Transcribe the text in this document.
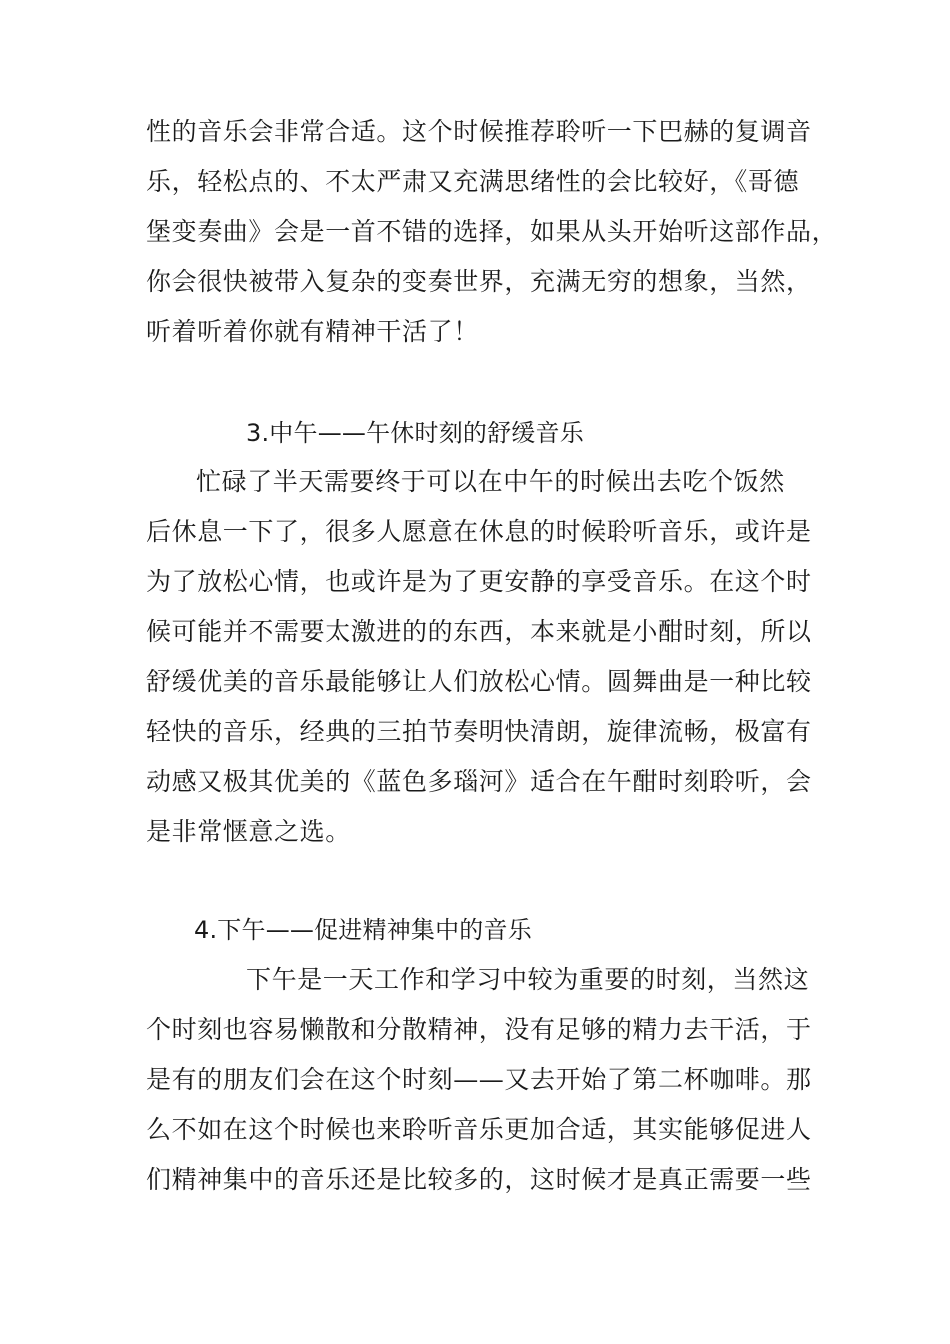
性的音乐会非常合适。这个时候推荐聆听一下巴赫的复调音
乐，轻松点的、不太严肃又充满思绪性的会比较好，《哥德
堡变奏曲》会是一首不错的选择，如果从头开始听这部作品，
你会很快被带入复杂的变奏世界，充满无穷的想象，当然，
听着听着你就有精神干活了！
3.中午——午休时刻的舒缓音乐
忙碌了半天需要终于可以在中午的时候出去吃个饭然
后休息一下了，很多人愿意在休息的时候聆听音乐，或许是
为了放松心情，也或许是为了更安静的享受音乐。在这个时
候可能并不需要太激进的的东西，本来就是小酣时刻，所以
舒缓优美的音乐最能够让人们放松心情。圆舞曲是一种比较
轻快的音乐，经典的三拍节奏明快清朗，旋律流畅，极富有
动感又极其优美的《蓝色多瑙河》适合在午酣时刻聆听，会
是非常惬意之选。
4.下午——促进精神集中的音乐
下午是一天工作和学习中较为重要的时刻，当然这
个时刻也容易懒散和分散精神，没有足够的精力去干活，于
是有的朋友们会在这个时刻——又去开始了第二杯咖啡。那
么不如在这个时候也来聆听音乐更加合适，其实能够促进人
们精神集中的音乐还是比较多的，这时候才是真正需要一些
